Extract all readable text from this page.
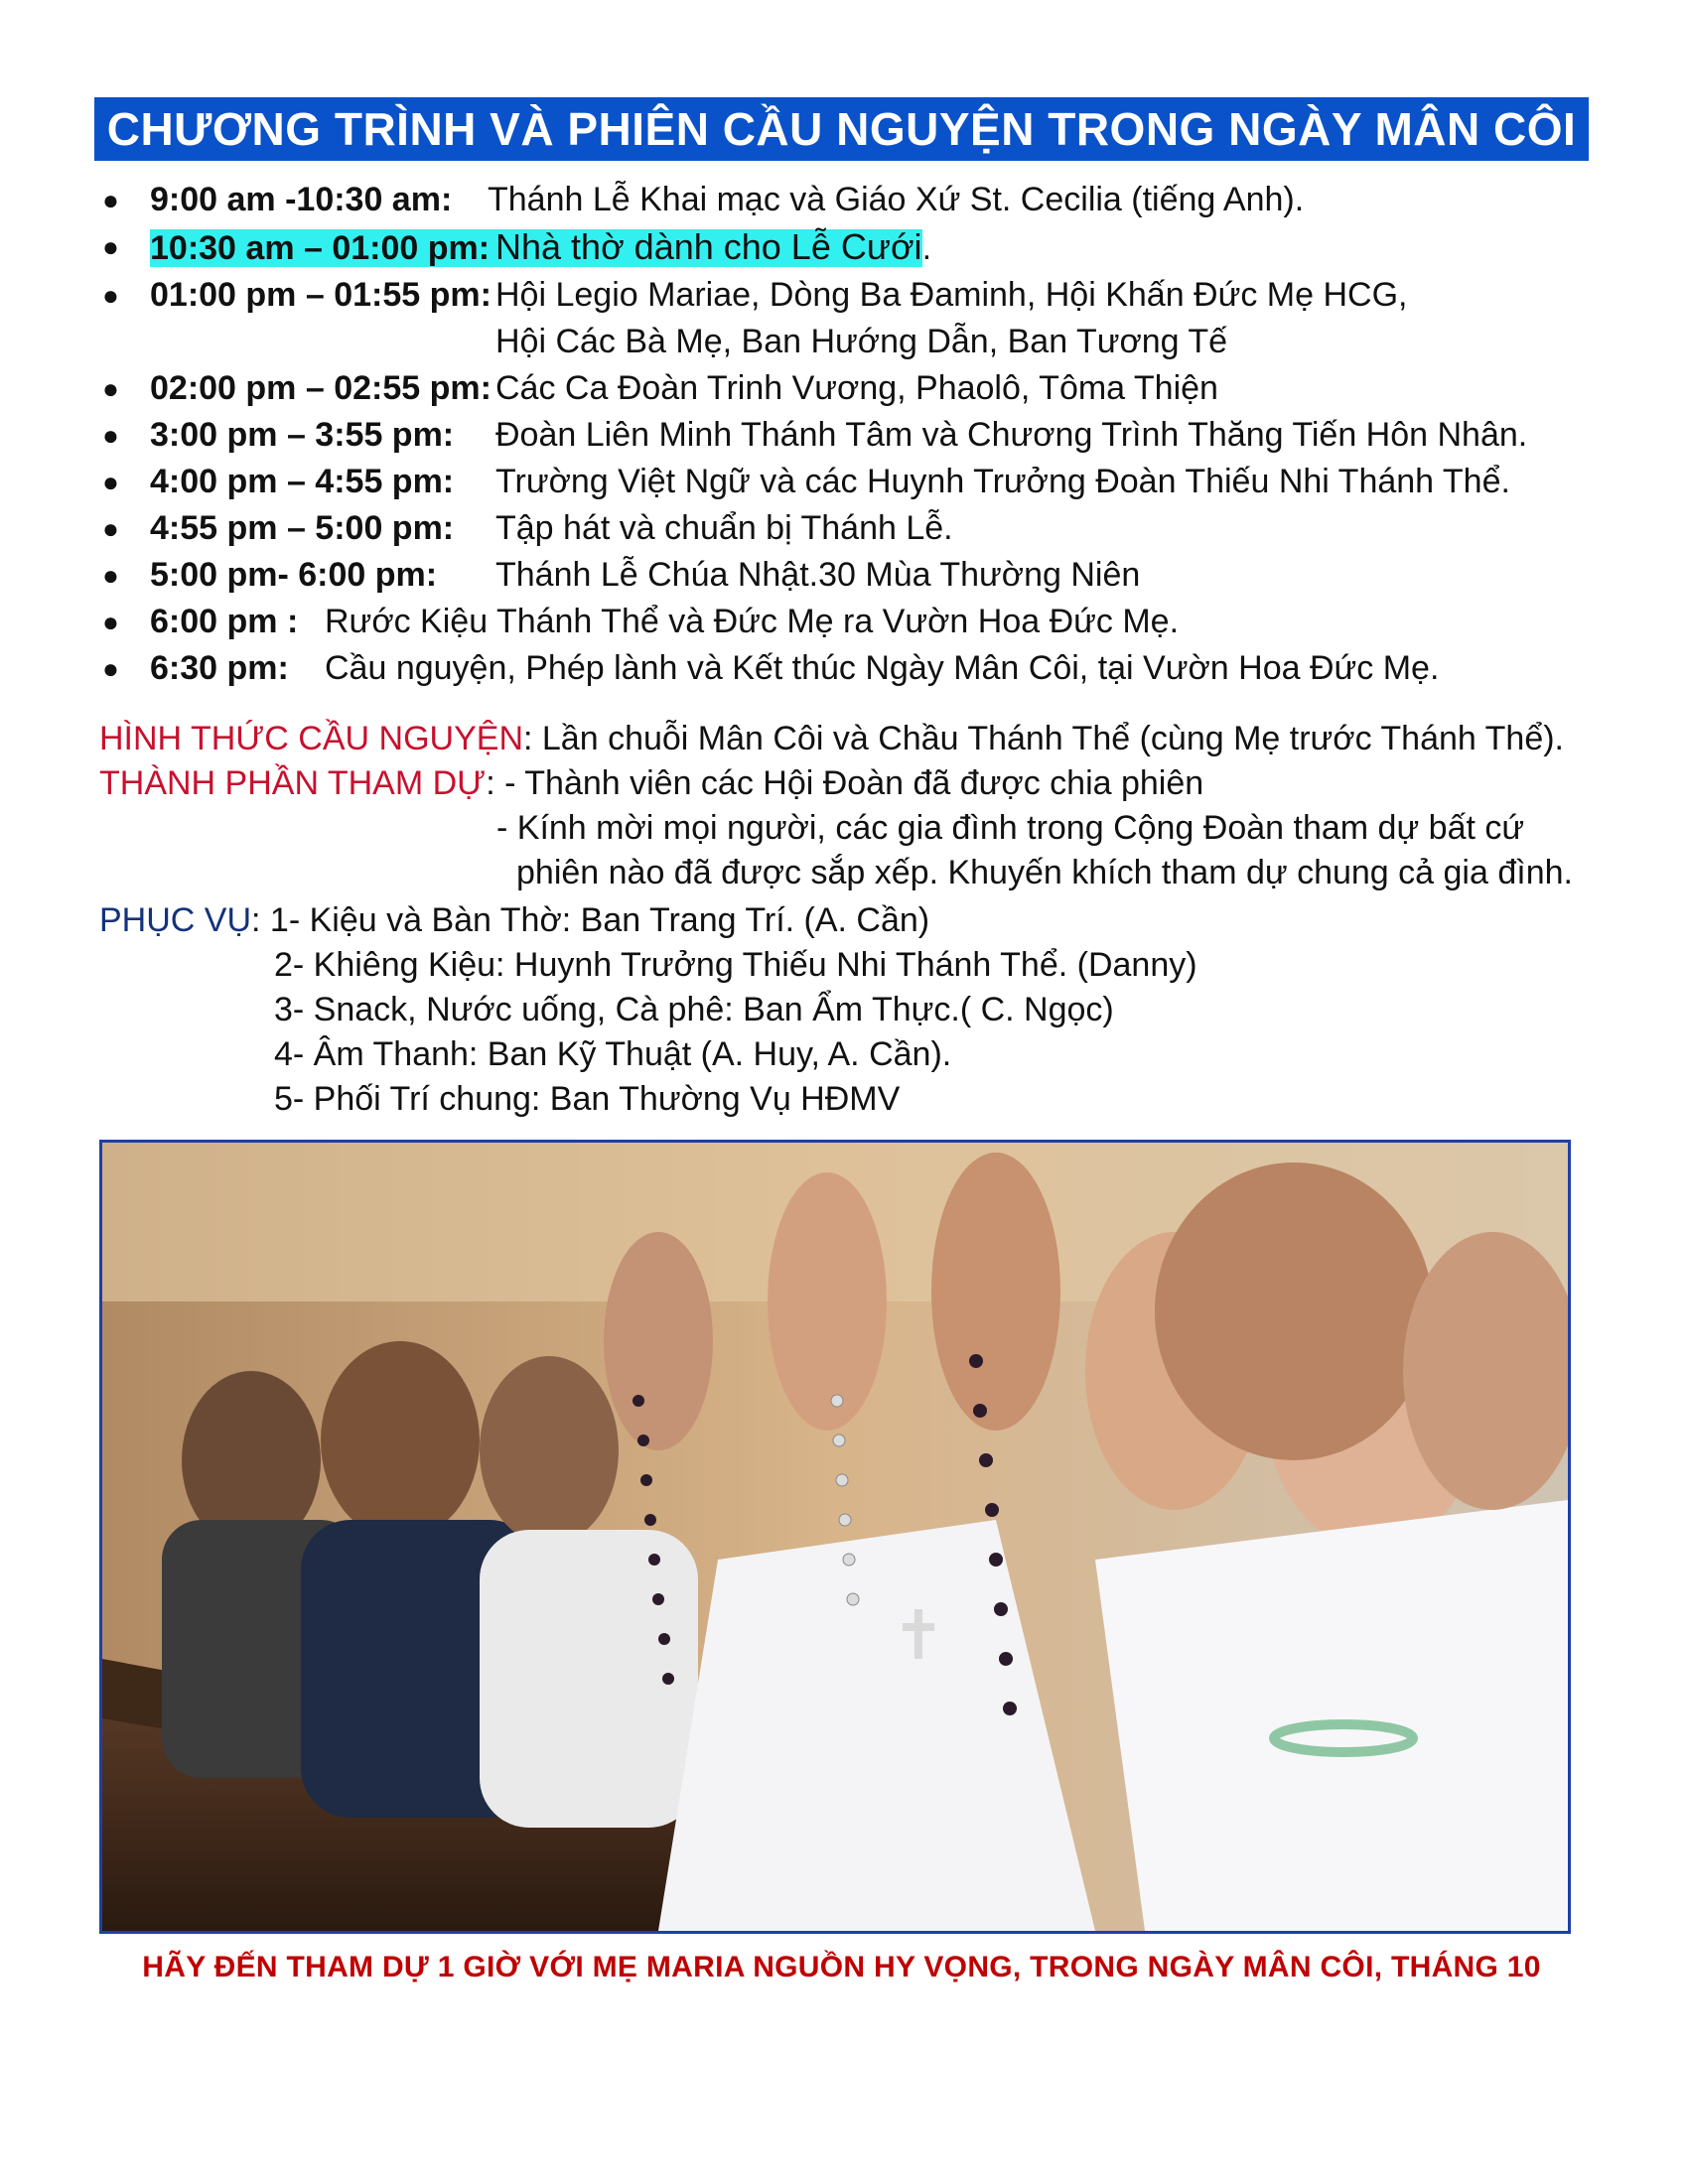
CHƯƠNG TRÌNH VÀ PHIÊN CẦU NGUYỆN TRONG NGÀY MÂN CÔI
● 9:00 am -10:30 am: Thánh Lễ Khai mạc và Giáo Xứ St. Cecilia (tiếng Anh).
● 10:30 am – 01:00 pm: Nhà thờ dành cho Lễ Cưới.
● 01:00 pm – 01:55 pm: Hội Legio Mariae, Dòng Ba Đaminh, Hội Khấn Đức Mẹ HCG,
Hội Các Bà Mẹ, Ban Hướng Dẫn, Ban Tương Tế
● 02:00 pm – 02:55 pm: Các Ca Đoàn Trinh Vương, Phaolô, Tôma Thiện
● 3:00 pm – 3:55 pm: Đoàn Liên Minh Thánh Tâm và Chương Trình Thăng Tiến Hôn Nhân.
● 4:00 pm – 4:55 pm: Trường Việt Ngữ và các Huynh Trưởng Đoàn Thiếu Nhi Thánh Thể.
● 4:55 pm – 5:00 pm: Tập hát và chuẩn bị Thánh Lễ.
● 5:00 pm- 6:00 pm: Thánh Lễ Chúa Nhật.30 Mùa Thường Niên
● 6:00 pm : Rước Kiệu Thánh Thể và Đức Mẹ ra Vườn Hoa Đức Mẹ.
● 6:30 pm: Cầu nguyện, Phép lành và Kết thúc Ngày Mân Côi, tại Vườn Hoa Đức Mẹ.
HÌNH THỨC CẦU NGUYỆN: Lần chuỗi Mân Côi và Chầu Thánh Thể (cùng Mẹ trước Thánh Thể).
THÀNH PHẦN THAM DỰ: - Thành viên các Hội Đoàn đã được chia phiên
- Kính mời mọi người, các gia đình trong Cộng Đoàn tham dự bất cứ
phiên nào đã được sắp xếp. Khuyến khích tham dự chung cả gia đình.
PHỤC VỤ: 1- Kiệu và Bàn Thờ: Ban Trang Trí. (A. Cần)
2- Khiêng Kiệu: Huynh Trưởng Thiếu Nhi Thánh Thể. (Danny)
3- Snack, Nước uống, Cà phê: Ban Ẩm Thực.( C. Ngọc)
4- Âm Thanh: Ban Kỹ Thuật (A. Huy, A. Cần).
5- Phối Trí chung: Ban Thường Vụ HĐMV
HÃY ĐẾN THAM DỰ 1 GIỜ VỚI MẸ MARIA NGUỒN HY VỌNG, TRONG NGÀY MÂN CÔI, THÁNG 10
